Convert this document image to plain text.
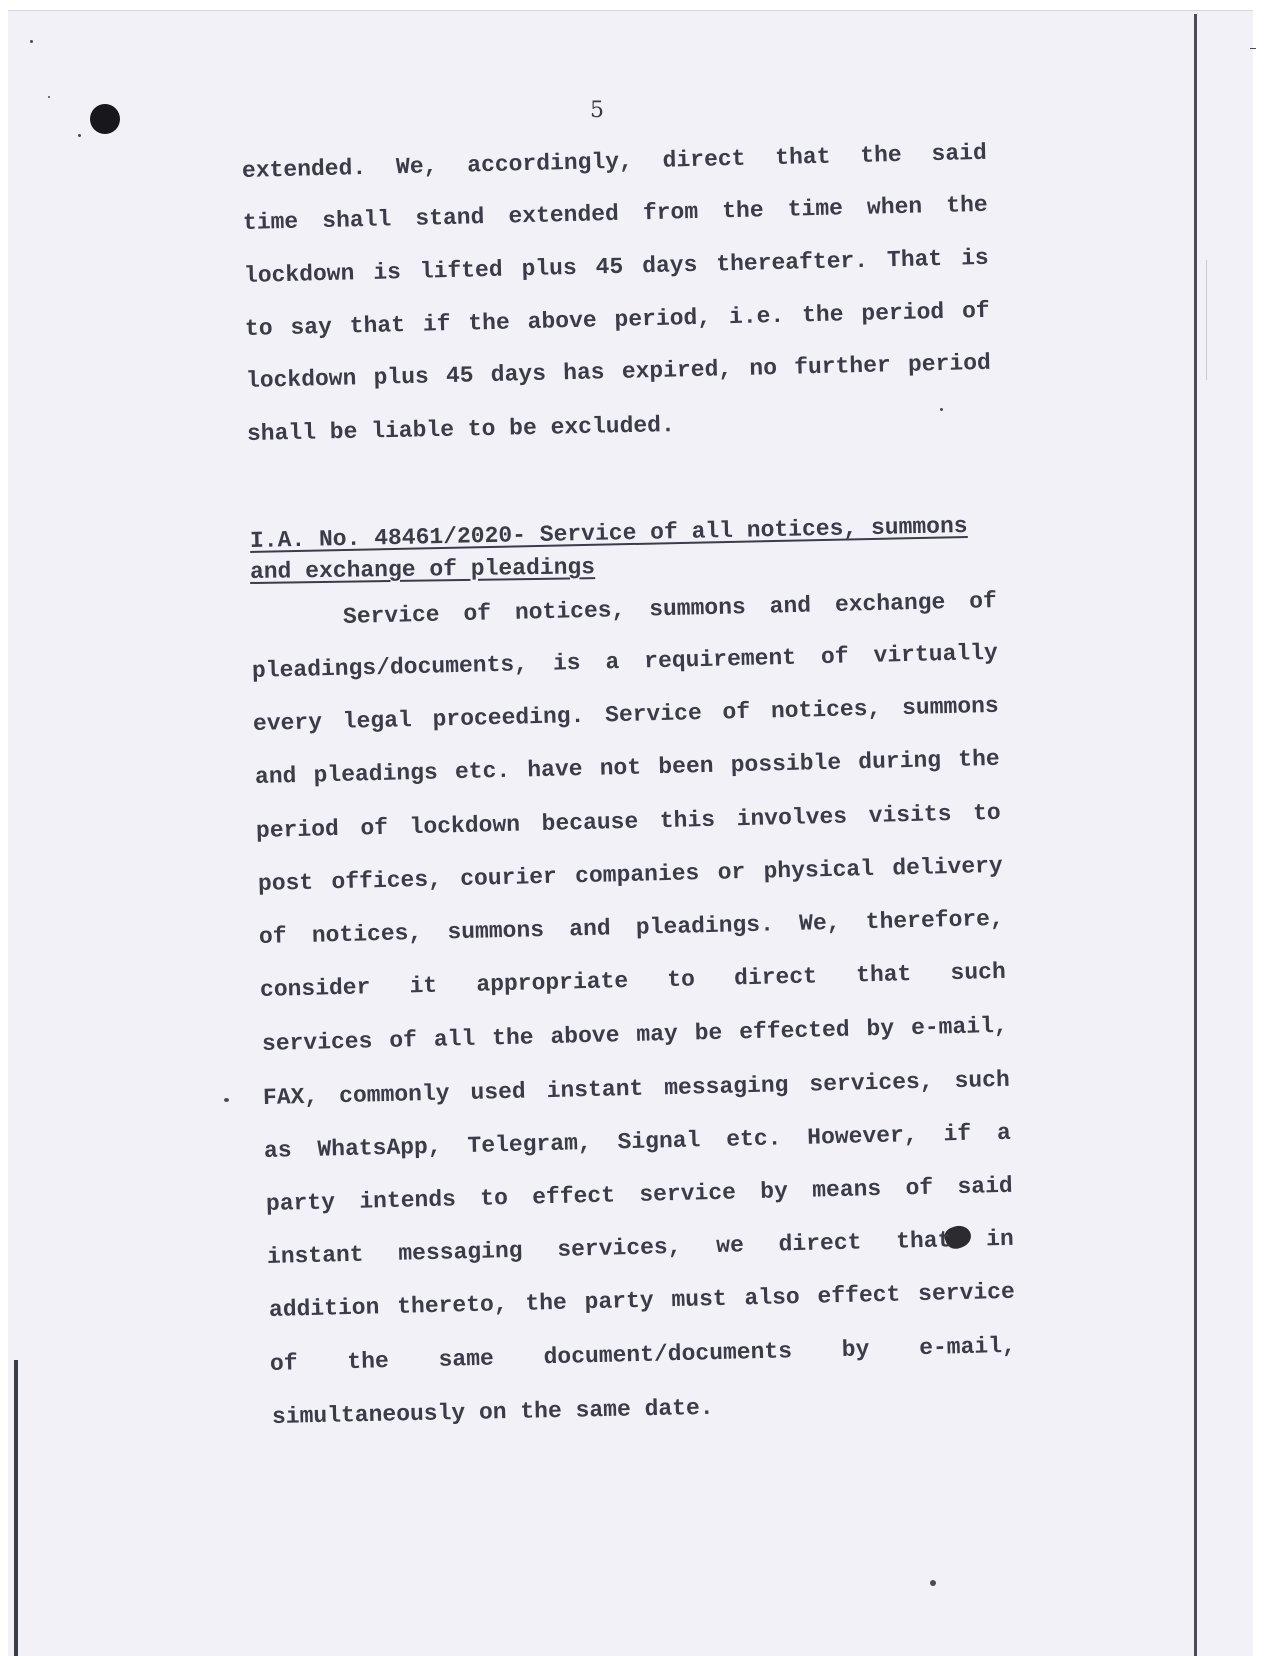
5
extended. We, accordingly, direct that the said
time shall stand extended from the time when the
lockdown is lifted plus 45 days thereafter. That is
to say that if the above period, i.e. the period of
lockdown plus 45 days has expired, no further period
shall be liable to be excluded.
I.A. No. 48461/2020- Service of all notices, summons
and exchange of pleadings
Service of notices, summons and exchange of
pleadings/documents, is a requirement of virtually
every legal proceeding. Service of notices, summons
and pleadings etc. have not been possible during the
period of lockdown because this involves visits to
post offices, courier companies or physical delivery
of notices, summons and pleadings. We, therefore,
consider it appropriate to direct that such
services of all the above may be effected by e-mail,
FAX, commonly used instant messaging services, such
as WhatsApp, Telegram, Signal etc. However, if a
party intends to effect service by means of said
instant messaging services, we direct that in
addition thereto, the party must also effect service
of the same document/documents by e-mail,
simultaneously on the same date.
